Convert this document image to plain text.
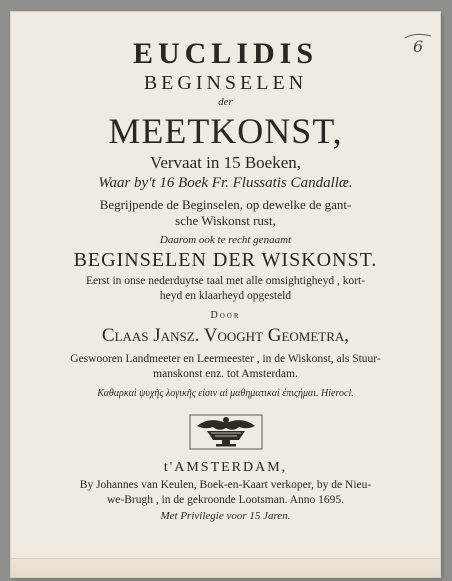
6

EUCLIDIS

BEGINSELEN

der

MEETKONST,

Vervaat in 15 Boeken,

Waar by't 16 Boek Fr. Flussatis Candallæ.

Begrijpende de Beginselen, op dewelke de gant-

sche Wiskonst rust,

Daarom ook te recht genaamt

BEGINSELEN DER WISKONST.

Eerst in onse nederduytse taal met alle omsightigheyd , kort-

heyd en klaarheyd opgesteld

Door

Claas Jansz. Vooght Geometra,

Geswooren Landmeeter en Leermeester , in de Wiskonst, als Stuur-

manskonst enz. tot Amsterdam.

Καθαρκαὶ ψυχῆς λογικῆς εἰσιν αἱ μαθηματικαὶ ἐπιςήμαι. Hierocl.

t'AMSTERDAM,

By Johannes van Keulen, Boek-en-Kaart verkoper, by de Nieu-

we-Brugh , in de gekroonde Lootsman. Anno 1695.

Met Privilegie voor 15 Jaren.
